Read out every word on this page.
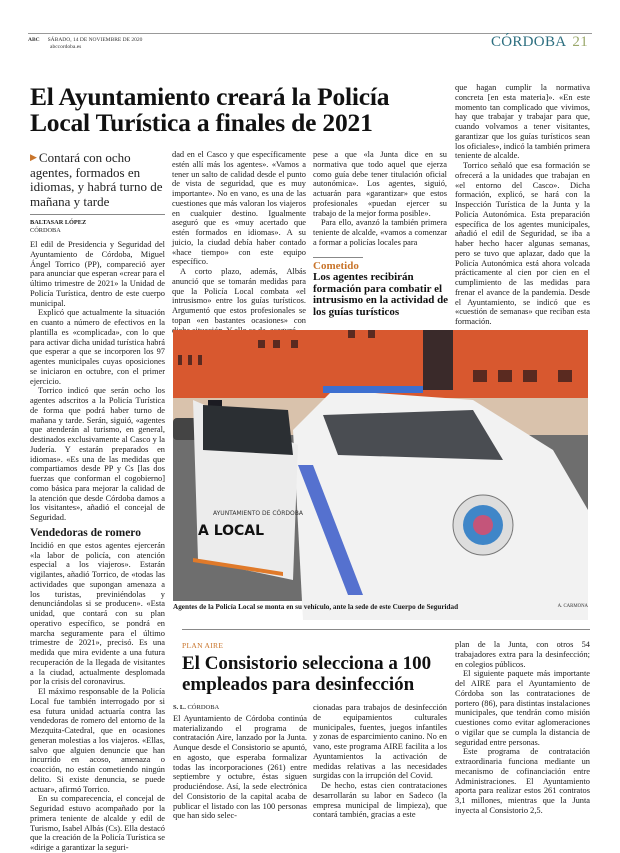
ABC SÁBADO, 14 DE NOVIEMBRE DE 2020
abccordoba.es	CÓRDOBA 21
El Ayuntamiento creará la Policía Local Turística a finales de 2021
▶ Contará con ocho agentes, formados en idiomas, y habrá turno de mañana y tarde
BALTASAR LÓPEZ
CÓRDOBA

El edil de Presidencia y Seguridad del Ayuntamiento de Córdoba, Miguel Ángel Torrico (PP), compareció ayer para anunciar que esperan «crear para el último trimestre de 2021» la Unidad de Policía Turística, dentro de este cuerpo municipal.

Explicó que actualmente la situación en cuanto a número de efectivos en la plantilla es «complicada», con lo que para activar dicha unidad turística habrá que esperar a que se incorporen los 97 agentes municipales cuyas oposiciones se iniciaron en octubre, con el primer ejercicio.

Torrico indicó que serán ocho los agentes adscritos a la Policía Turística de forma que podrá haber turno de mañana y tarde. Serán, siguió, «agentes que atenderán al turismo, en general, destinados exclusivamente al Casco y la Judería. Y estarán preparados en idiomas». «Es una de las medidas que compartiamos desde PP y Cs [las dos fuerzas que conforman el cogobierno] como básica para mejorar la calidad de la atención que desde Córdoba damos a los visitantes», añadió el concejal de Seguridad.

Vendedoras de romero

Incidió en que estos agentes ejercerán «la labor de policía, con atención especial a los viajeros». Estarán vigilantes, añadió Torrico, de «todas las actividades que supongan amenaza a los turistas, previniéndolas y denunciándolas si se producen». «Esta unidad, que contará con su plan operativo específico, se pondrá en marcha seguramente para el último trimestre de 2021», precisó. Es una medida que mira evidente a una futura recuperación de la llegada de visitantes a la ciudad, actualmente desplomada por la crisis del coronavirus.

El máximo responsable de la Policía Local fue también interrogado por si esa futura unidad actuaría contra las vendedoras de romero del entorno de la Mezquita-Catedral, que en ocasiones generan molestias a los viajeros. «Ellas, salvo que alguien denuncie que han incurrido en acoso, amenaza o coacción, no están cometiendo ningún delito. Si existe denuncia, se puede actuar», afirmó Torrico.

En su comparecencia, el concejal de Seguridad estuvo acompañado por la primera teniente de alcalde y edil de Turismo, Isabel Albás (Cs). Ella destacó que la creación de la Policía Turística se «dirige a garantizar la seguri-

dad en el Casco y que específicamente estén allí más los agentes». «Vamos a tener un salto de calidad desde el punto de vista de seguridad, que es muy importante». No en vano, es una de las cuestiones que más valoran los viajeros en cualquier destino. Igualmente aseguró que es «muy acertado que estén formados en idiomas». A su juicio, la ciudad debía haber contado «hace tiempo» con este equipo específico.

A corto plazo, además, Albás anunció que se tomarán medidas para que la Policía Local combata «el intrusismo» entre los guías turísticos. Argumentó que estos profesionales se topan «en bastantes ocasiones» con

pese a que «la Junta dice en su normativa que todo aquel que ejerza como guía debe tener titulación oficial autonómica». Los agentes, siguió, actuarán para «garantizar» que estos profesionales «puedan ejercer su trabajo de la mejor forma posible».

Para ello, avanzó la también primera teniente de alcalde, «vamos a comenzar a formar a policías locales para

Cometido
Los agentes recibirán formación para combatir el intrusismo en la actividad de los guías turísticos

que hagan cumplir la normativa concreta [en esta materia]». «En este momento tan complicado que vivimos, hay que trabajar y trabajar para que, cuando volvamos a tener visitantes, garantizar que los guías turísticos sean los oficiales», indicó la también primera teniente de alcalde.

Torrico señaló que esa formación se ofrecerá a la unidades que trabajan en «el entorno del Casco». Dicha formación, explicó, se hará con la Inspección Turística de la Junta y la Policía Autonómica. Esta preparación específica de los agentes municipales, añadió el edil de Seguridad, se iba a haber hecho hacer algunas semanas, pero se tuvo que aplazar, dado que la Policía Autonómica está ahora volcada prácticamente al cien por cien en el cumplimiento de las medidas para frenar el avance de la pandemia. Desde el Ayuntamiento, se indicó que es «cuestión de semanas» que reciban esta formación.

AYUNTAMIENTO DE CÓRDOBA
A LOCAL
Agentes de la Policía Local se monta en su vehículo, ante la sede de este Cuerpo de Seguridad	A. CARMONA
PLAN AIRE
El Consistorio selecciona a 100 empleados para desinfección
S. L. CÓRDOBA

El Ayuntamiento de Córdoba continúa materializando el programa de contratación Aire, lanzado por la Junta. Aunque desde el Consistorio se apuntó, en agosto, que esperaba formalizar todas las incorporaciones (261) entre septiembre y octubre, éstas siguen produciéndose. Así, la sede electrónica del Consistorio de la capital acaba de publicar el listado con las 100 personas que han sido selec-

cionadas para trabajos de desinfección de equipamientos culturales municipales, fuentes, juegos infantiles y zonas de esparcimiento canino. No en vano, este programa AIRE facilita a los Ayuntamientos la activación de medidas relativas a las necesidades surgidas con la irrupción del Covid.

De hecho, estas cien contrataciones desarrollarán su labor en Sadeco (la empresa municipal de limpieza), que contará también, gracias a este

plan de la Junta, con otros 54 trabajadores extra para la desinfección; en colegios públicos.

El siguiente paquete más importante del AIRE para el Ayuntamiento de Córdoba son las contrataciones de portero (86), para distintas instalaciones municipales, que tendrán como misión cuestiones como evitar aglomeraciones o vigilar que se cumpla la distancia de seguridad entre personas.

Este programa de contratación extraordinaria funciona mediante un mecanismo de cofinanciación entre Administraciones. El Ayuntamiento aporta para realizar estos 261 contratos 3,1 millones, mientras que la Junta inyecta al Consistorio 2,5.
